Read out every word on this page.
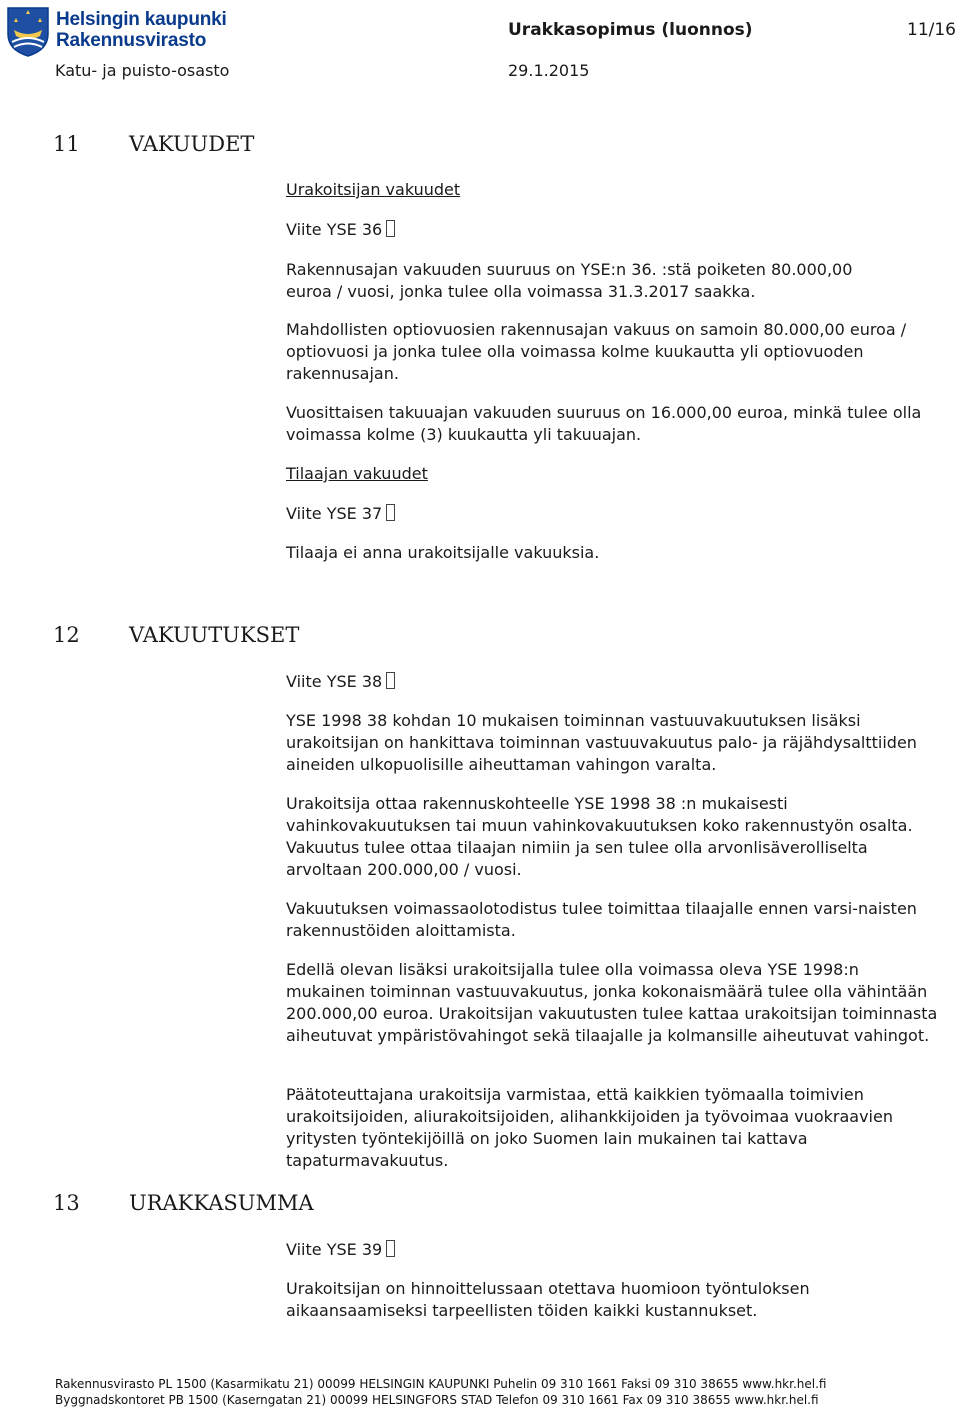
Helsingin kaupunki
Rakennusvirasto	Urakkasopimus (luonnos)	11/16
Katu- ja puisto-osasto	29.1.2015
11 VAKUUDET
Urakoitsijan vakuudet
Viite YSE 36
Rakennusajan vakuuden suuruus on YSE:n 36. :stä poiketen 80.000,00 euroa / vuosi, jonka tulee olla voimassa 31.3.2017 saakka.
Mahdollisten optiovuosien rakennusajan vakuus on samoin 80.000,00 euroa / optiovuosi ja jonka tulee olla voimassa kolme kuukautta yli optiovuoden rakennusajan.
Vuosittaisen takuuajan vakuuden suuruus on 16.000,00 euroa, minkä tulee olla voimassa kolme (3) kuukautta yli takuuajan.
Tilaajan vakuudet
Viite YSE 37
Tilaaja ei anna urakoitsijalle vakuuksia.
12 VAKUUTUKSET
Viite YSE 38
YSE 1998 38 kohdan 10 mukaisen toiminnan vastuuvakuutuksen lisäksi urakoitsijan on hankittava toiminnan vastuuvakuutus palo- ja räjähdysalttiiden aineiden ulkopuolisille aiheuttaman vahingon varalta.
Urakoitsija ottaa rakennuskohteelle YSE 1998 38 :n mukaisesti vahinkovakuutuksen tai muun vahinkovakuutuksen koko rakennustyön osalta. Vakuutus tulee ottaa tilaajan nimiin ja sen tulee olla arvonlisäverolliselta arvoltaan 200.000,00 / vuosi.
Vakuutuksen voimassaolotodistus tulee toimittaa tilaajalle ennen varsi-naisten rakennustöiden aloittamista.
Edellä olevan lisäksi urakoitsijalla tulee olla voimassa oleva YSE 1998:n mukainen toiminnan vastuuvakuutus, jonka kokonaismäärä tulee olla vähintään 200.000,00 euroa. Urakoitsijan vakuutusten tulee kattaa urakoitsijan toiminnasta aiheutuvat ympäristövahingot sekä tilaajalle ja kolmansille aiheutuvat vahingot.
Päätoteuttajana urakoitsija varmistaa, että kaikkien työmaalla toimivien urakoitsijoiden, aliurakoitsijoiden, alihankkijoiden ja työvoimaa vuokraavien yritysten työntekijöillä on joko Suomen lain mukainen tai kattava tapaturmavakuutus.
13 URAKKASUMMA
Viite YSE 39
Urakoitsijan on hinnoittelussaan otettava huomioon työntuloksen aikaansaamiseksi tarpeellisten töiden kaikki kustannukset.
Rakennusvirasto PL 1500 (Kasarmikatu 21) 00099 HELSINGIN KAUPUNKI Puhelin 09 310 1661 Faksi 09 310 38655 www.hkr.hel.fi
Byggnadskontoret PB 1500 (Kaserngatan 21) 00099 HELSINGFORS STAD Telefon 09 310 1661 Fax 09 310 38655 www.hkr.hel.fi
